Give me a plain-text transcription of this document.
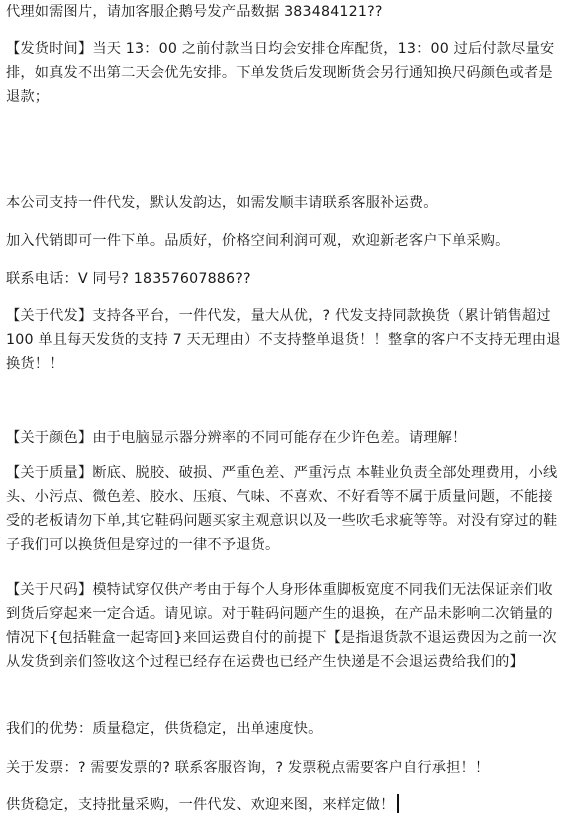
代理如需图片，请加客服企鹅号发产品数据 383484121??

【发货时间】当天 13：00 之前付款当日均会安排仓库配货，13：00 过后付款尽量安排，如真发不出第二天会优先安排。下单发货后发现断货会另行通知换尺码颜色或者是退款；

本公司支持一件代发，默认发韵达，如需发顺丰请联系客服补运费。

加入代销即可一件下单。品质好，价格空间利润可观，欢迎新老客户下单采购。

联系电话：V 同号? 18357607886??

【关于代发】支持各平台，一件代发，量大从优，? 代发支持同款换货（累计销售超过 100 单且每天发货的支持 7 天无理由）不支持整单退货！！整拿的客户不支持无理由退换货！！

【关于颜色】由于电脑显示器分辨率的不同可能存在少许色差。请理解！

【关于质量】断底、脱胶、破损、严重色差、严重污点 本鞋业负责全部处理费用，小线头、小污点、微色差、胶水、压痕、气味、不喜欢、不好看等不属于质量问题，不能接受的老板请勿下单,其它鞋码问题买家主观意识以及一些吹毛求疵等等。对没有穿过的鞋子我们可以换货但是穿过的一律不予退货。

【关于尺码】模特试穿仅供产考由于每个人身形体重脚板宽度不同我们无法保证亲们收到货后穿起来一定合适。请见谅。对于鞋码问题产生的退换，在产品未影响二次销量的情况下{包括鞋盒一起寄回}来回运费自付的前提下【是指退货款不退运费因为之前一次从发货到亲们签收这个过程已经存在运费也已经产生快递是不会退运费给我们的】

我们的优势：质量稳定，供货稳定，出单速度快。

关于发票：? 需要发票的? 联系客服咨询，? 发票税点需要客户自行承担！！

供货稳定，支持批量采购，一件代发、欢迎来图，来样定做！
